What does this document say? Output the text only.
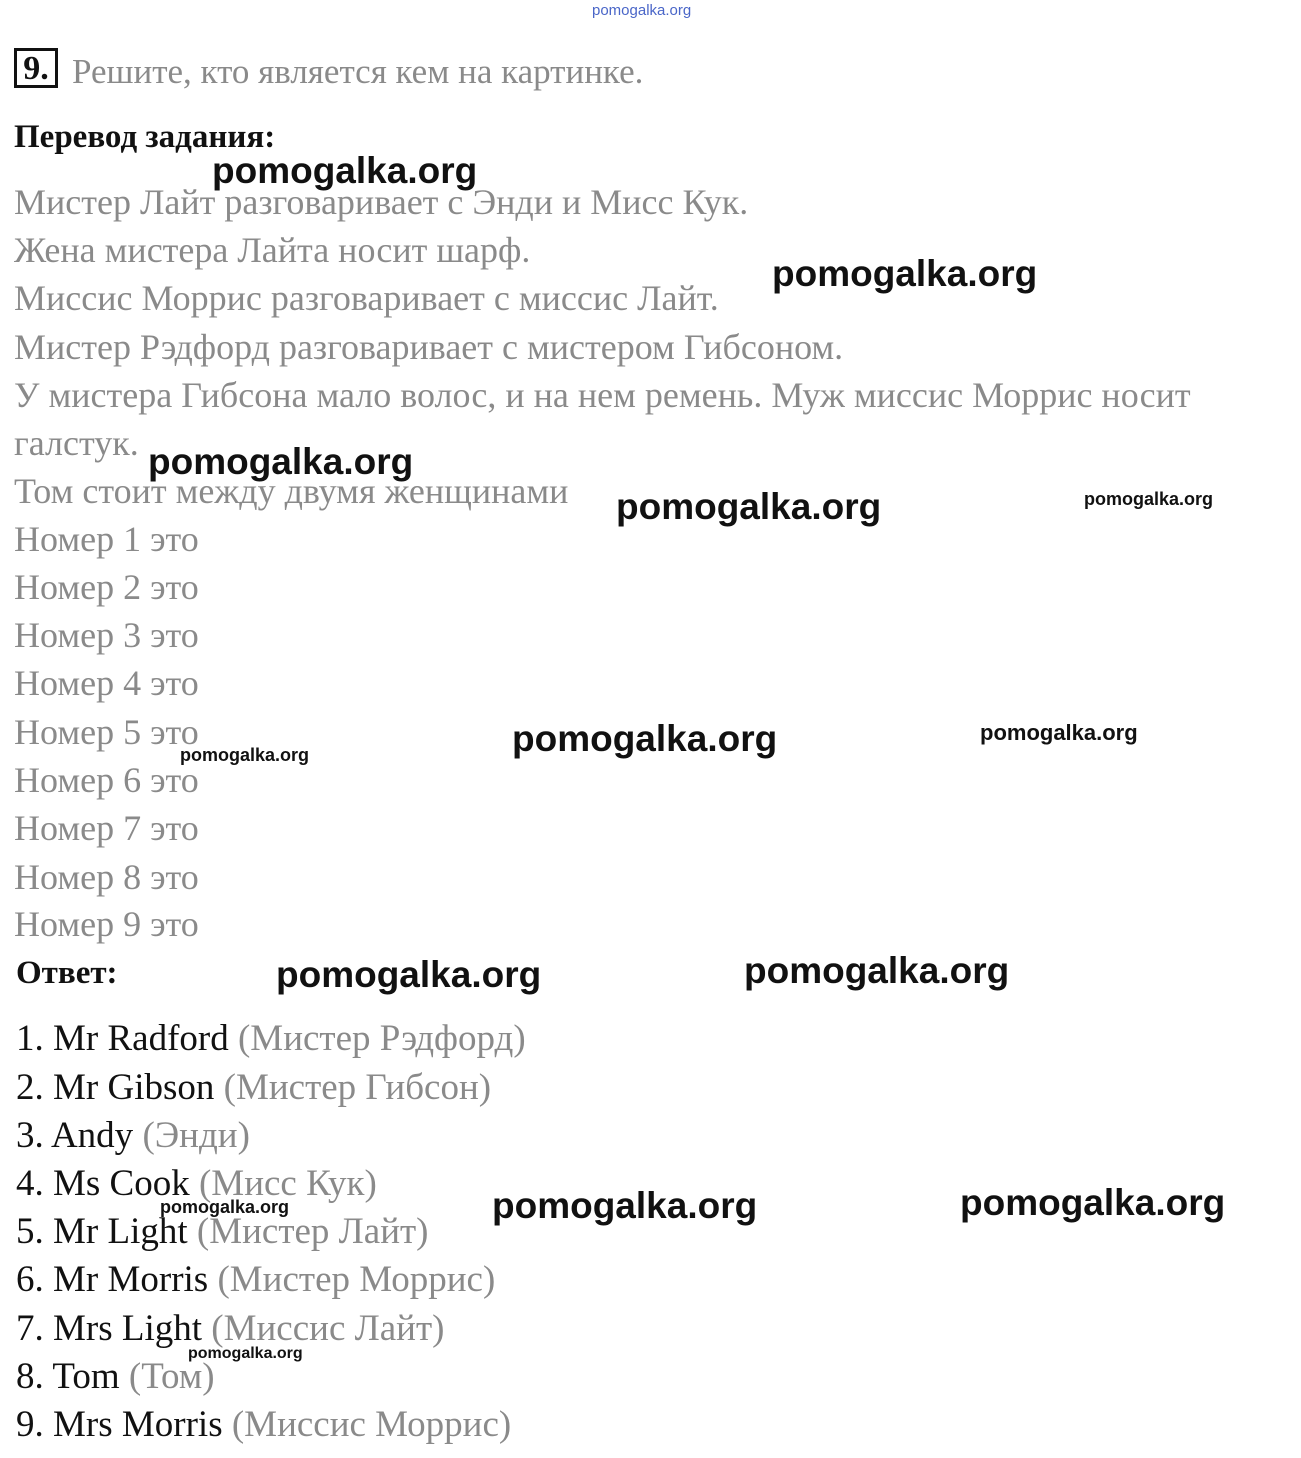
pomogalka.org
9. Решите, кто является кем на картинке.
Перевод задания:
Мистер Лайт разговаривает с Энди и Мисс Кук.
Жена мистера Лайта носит шарф.
Миссис Моррис разговаривает с миссис Лайт.
Мистер Рэдфорд разговаривает с мистером Гибсоном.
У мистера Гибсона мало волос, и на нем ремень. Муж миссис Моррис носит
галстук.
Том стоит между двумя женщинами
Номер 1 это
Номер 2 это
Номер 3 это
Номер 4 это
Номер 5 это
Номер 6 это
Номер 7 это
Номер 8 это
Номер 9 это
Ответ:
1. Mr Radford (Мистер Рэдфорд)
2. Mr Gibson (Мистер Гибсон)
3. Andy (Энди)
4. Ms Cook (Мисс Кук)
5. Mr Light (Мистер Лайт)
6. Mr Morris (Мистер Моррис)
7. Mrs Light (Миссис Лайт)
8. Tom (Том)
9. Mrs Morris (Миссис Моррис)
pomogalka.org
pomogalka.org
pomogalka.org
pomogalka.org	pomogalka.org
pomogalka.org	pomogalka.org
pomogalka.org
pomogalka.org	pomogalka.org
pomogalka.org	pomogalka.org	pomogalka.org
pomogalka.org
